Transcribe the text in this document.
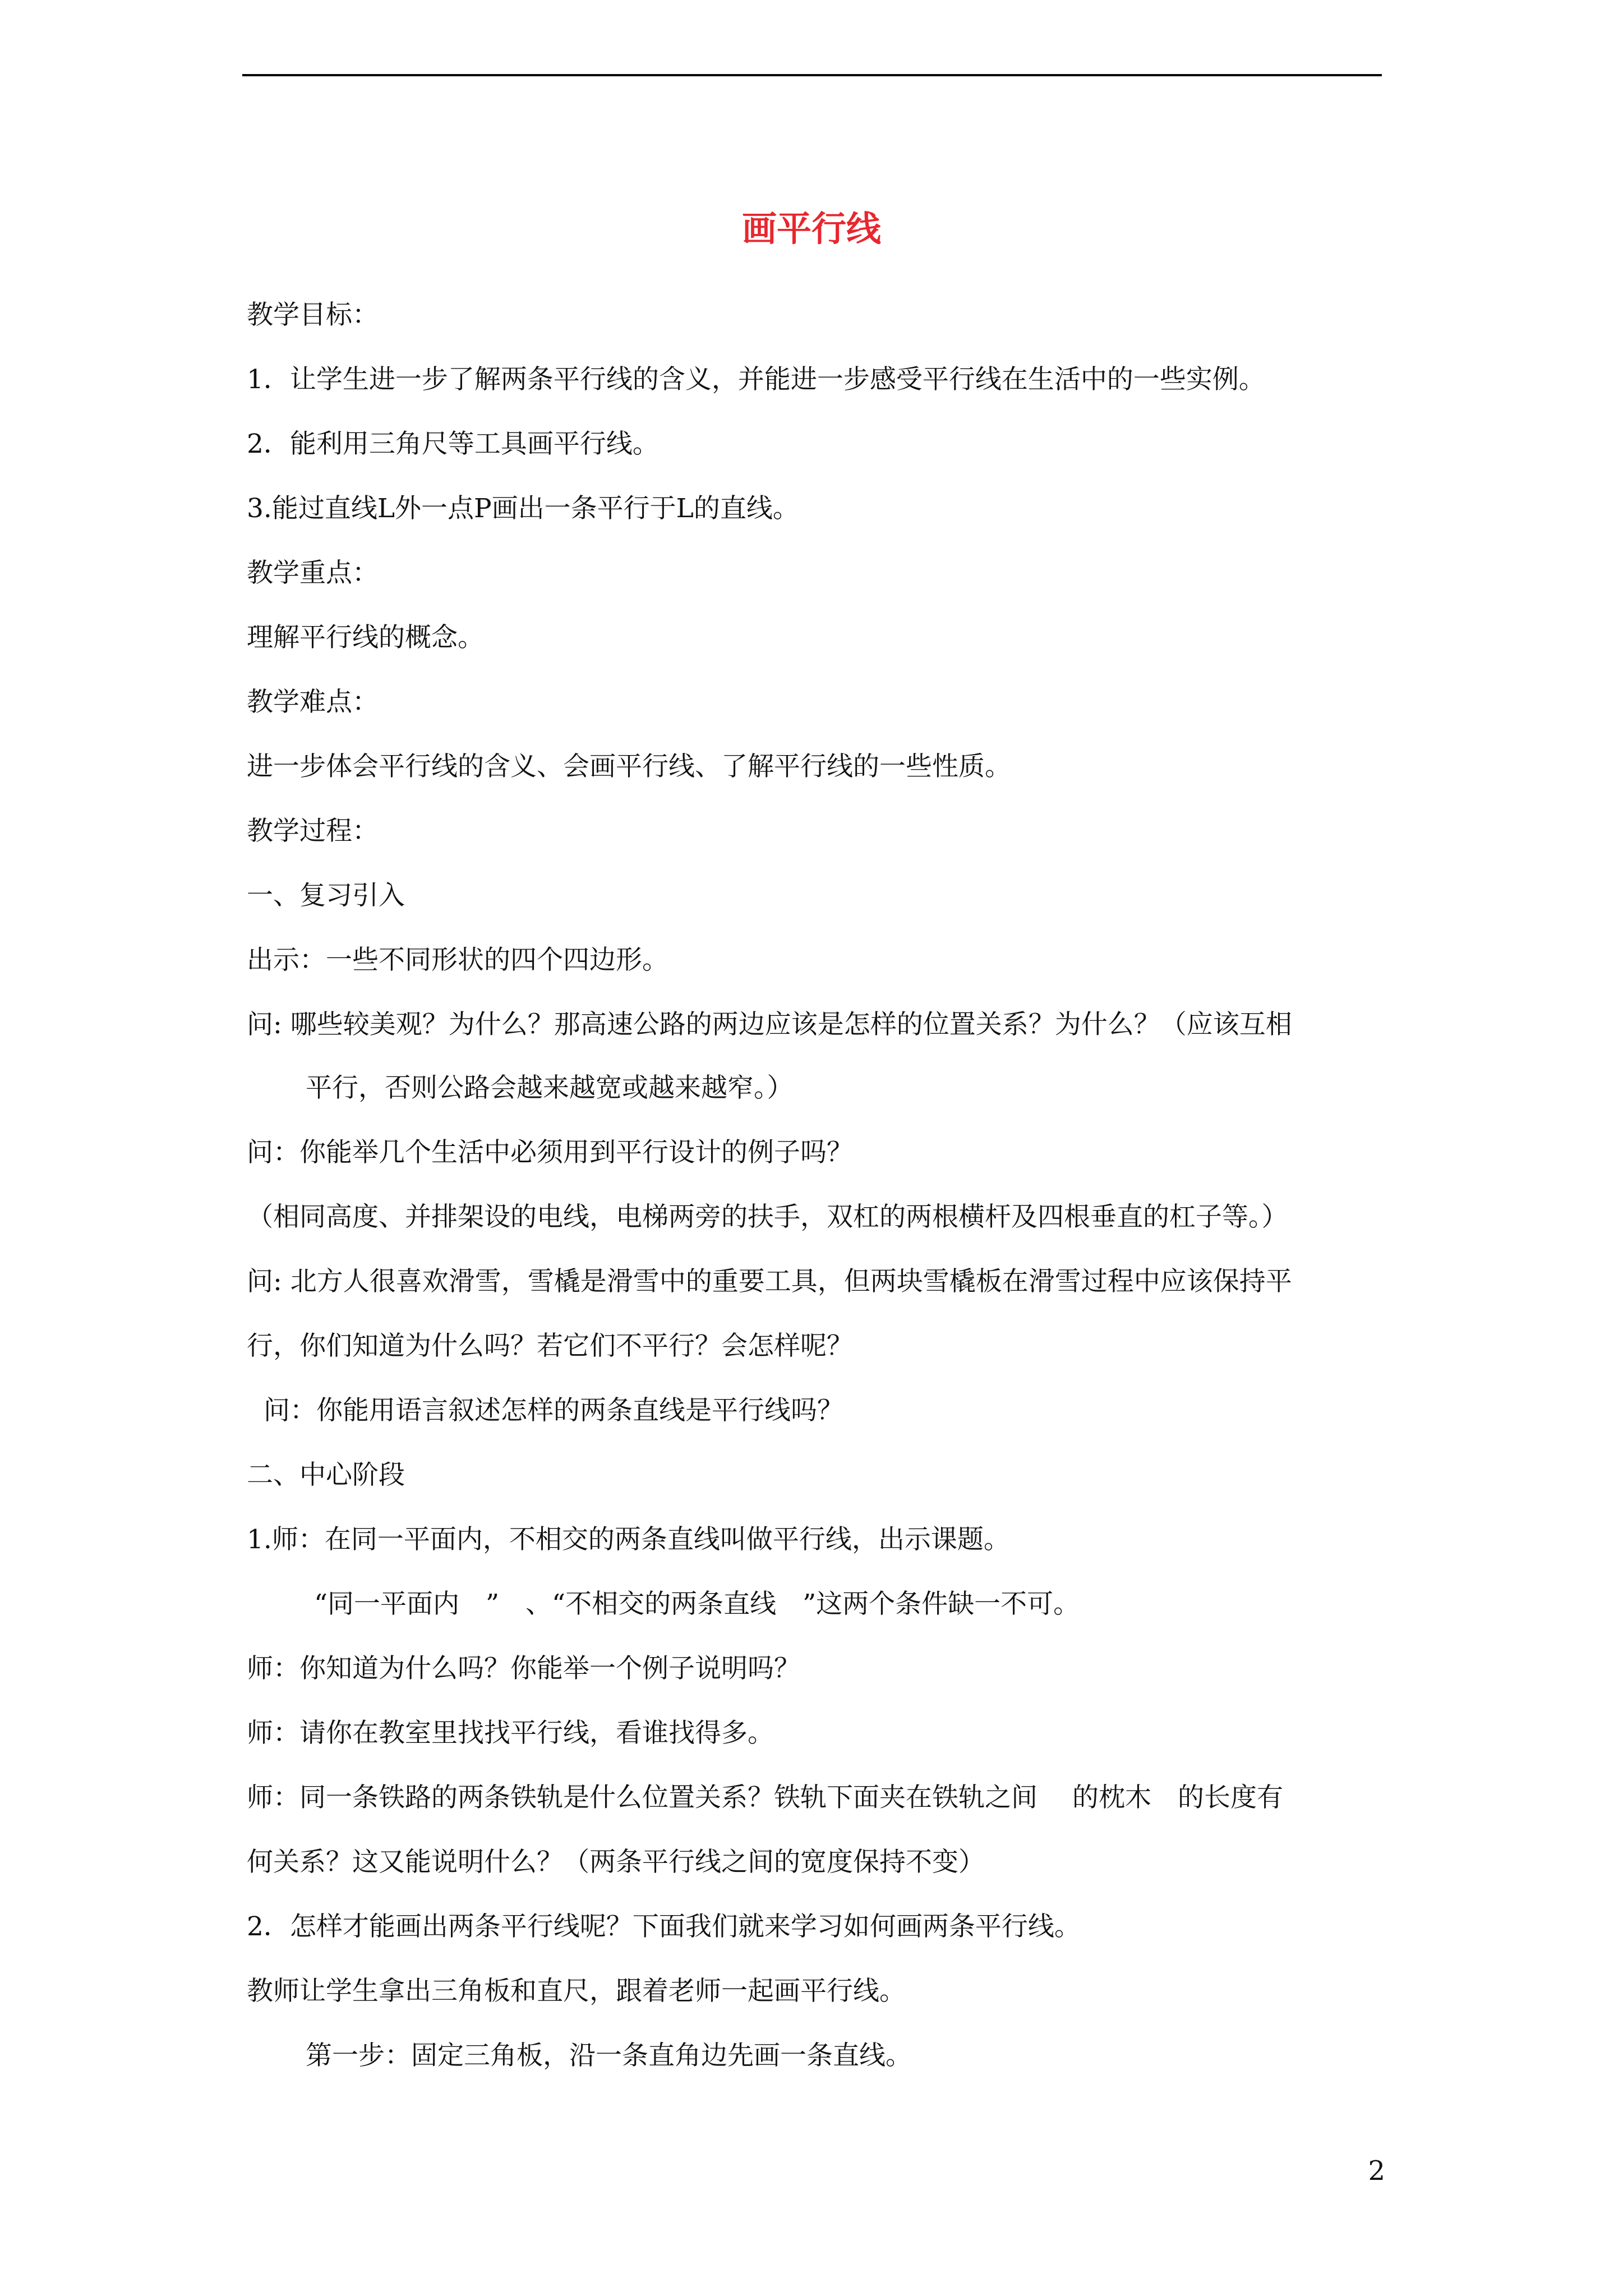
画平行线
教学目标：
1．让学生进一步了解两条平行线的含义，并能进一步感受平行线在生活中的一些实例。
2．能利用三角尺等工具画平行线。
3.能过直线L外一点P画出一条平行于L的直线。
教学重点：
理解平行线的概念。
教学难点：
进一步体会平行线的含义、会画平行线、了解平行线的一些性质。
教学过程：
一、复习引入
出示：一些不同形状的四个四边形。
问: 哪些较美观？为什么？那高速公路的两边应该是怎样的位置关系？为什么？（应该互相
平行，否则公路会越来越宽或越来越窄。）
问：你能举几个生活中必须用到平行设计的例子吗？
（相同高度、并排架设的电线，电梯两旁的扶手，双杠的两根横杆及四根垂直的杠子等。）
问: 北方人很喜欢滑雪，雪橇是滑雪中的重要工具，但两块雪橇板在滑雪过程中应该保持平
行，你们知道为什么吗？若它们不平行？会怎样呢？
问：你能用语言叙述怎样的两条直线是平行线吗？
二、中心阶段
1.师：在同一平面内，不相交的两条直线叫做平行线，出示课题。
“同一平面内　”　、“不相交的两条直线　”这两个条件缺一不可。
师：你知道为什么吗？你能举一个例子说明吗？
师：请你在教室里找找平行线，看谁找得多。
师：同一条铁路的两条铁轨是什么位置关系？铁轨下面夹在铁轨之间　 的枕木　的长度有
何关系？这又能说明什么？（两条平行线之间的宽度保持不变）
2．怎样才能画出两条平行线呢？下面我们就来学习如何画两条平行线。
教师让学生拿出三角板和直尺，跟着老师一起画平行线。
第一步：固定三角板，沿一条直角边先画一条直线。
2
